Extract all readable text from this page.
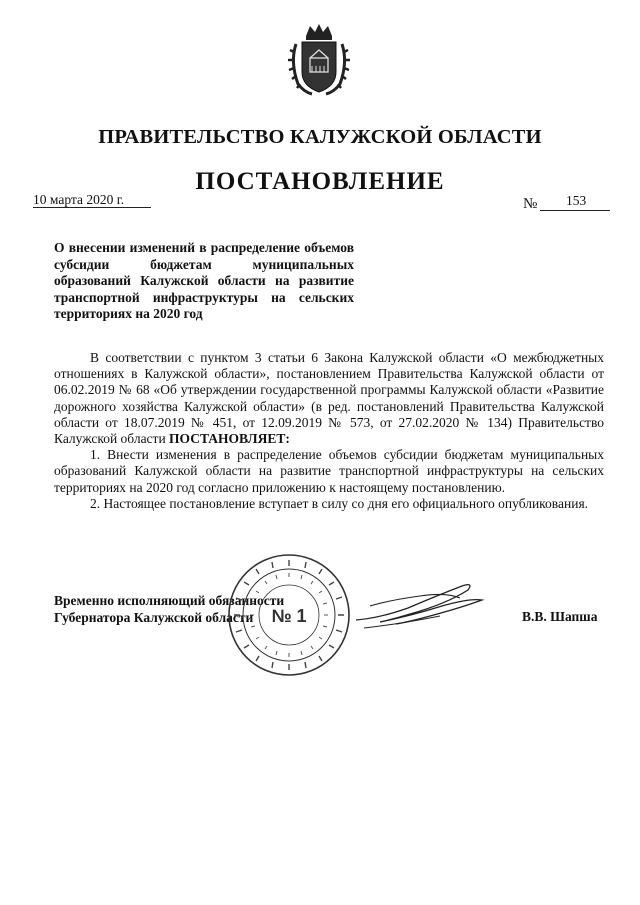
ПРАВИТЕЛЬСТВО КАЛУЖСКОЙ ОБЛАСТИ
ПОСТАНОВЛЕНИЕ
10 марта 2020 г.	№ 153
О внесении изменений в распределение объемов субсидии бюджетам муниципальных образований Калужской области на развитие транспортной инфраструктуры на сельских территориях на 2020 год

В соответствии с пунктом 3 статьи 6 Закона Калужской области «О межбюджетных отношениях в Калужской области», постановлением Правительства Калужской области от 06.02.2019 № 68 «Об утверждении государственной программы Калужской области «Развитие дорожного хозяйства Калужской области» (в ред. постановлений Правительства Калужской области от 18.07.2019 № 451, от 12.09.2019 № 573, от 27.02.2020 № 134) Правительство Калужской области ПОСТАНОВЛЯЕТ:

1. Внести изменения в распределение объемов субсидии бюджетам муниципальных образований Калужской области на развитие транспортной инфраструктуры на сельских территориях на 2020 год согласно приложению к настоящему постановлению.

2. Настоящее постановление вступает в силу со дня его официального опубликования.

Временно исполняющий обязанности
Губернатора Калужской области	В.В. Шапша
№ 1
